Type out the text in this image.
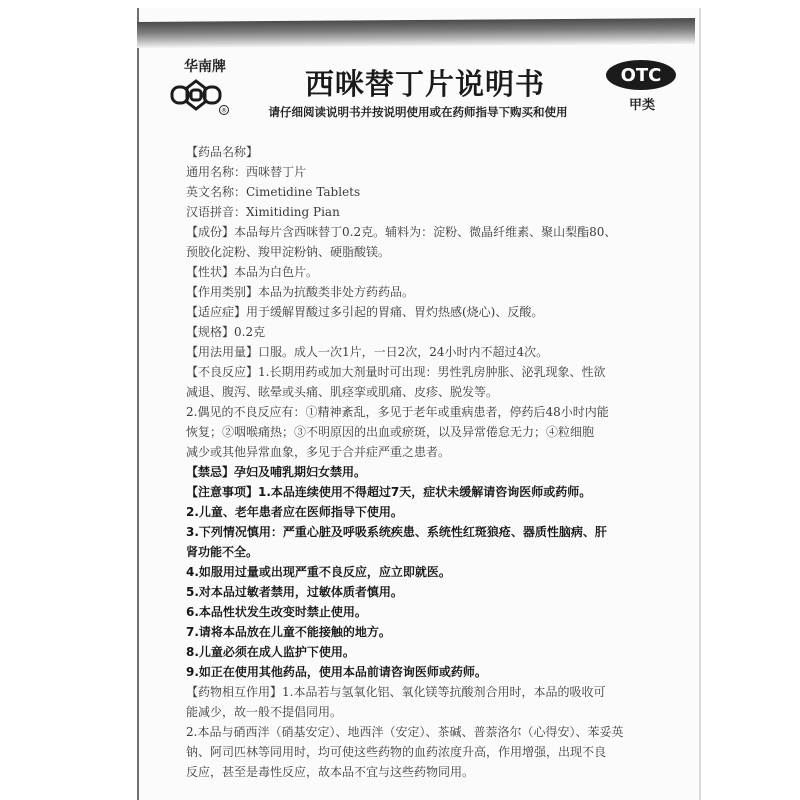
华南牌
®
西咪替丁片说明书
请仔细阅读说明书并按说明使用或在药师指导下购买和使用
OTC
甲类
【药品名称】
通用名称：西咪替丁片
英文名称：Cimetidine Tablets
汉语拼音：Ximitiding Pian
【成份】本品每片含西咪替丁0.2克。辅料为：淀粉、微晶纤维素、聚山梨酯80、
预胶化淀粉、羧甲淀粉钠、硬脂酸镁。
【性状】本品为白色片。
【作用类别】本品为抗酸类非处方药药品。
【适应症】用于缓解胃酸过多引起的胃痛、胃灼热感(烧心)、反酸。
【规格】0.2克
【用法用量】口服。成人一次1片，一日2次，24小时内不超过4次。
【不良反应】1.长期用药或加大剂量时可出现：男性乳房肿胀、泌乳现象、性欲
减退、腹泻、眩晕或头痛、肌痉挛或肌痛、皮疹、脱发等。
2.偶见的不良反应有：①精神紊乱，多见于老年或重病患者，停药后48小时内能
恢复；②咽喉痛热；③不明原因的出血或瘀斑，以及异常倦怠无力；④粒细胞
减少或其他异常血象，多见于合并症严重之患者。
【禁忌】孕妇及哺乳期妇女禁用。
【注意事项】1.本品连续使用不得超过7天，症状未缓解请咨询医师或药师。
2.儿童、老年患者应在医师指导下使用。
3.下列情况慎用：严重心脏及呼吸系统疾患、系统性红斑狼疮、器质性脑病、肝
肾功能不全。
4.如服用过量或出现严重不良反应，应立即就医。
5.对本品过敏者禁用，过敏体质者慎用。
6.本品性状发生改变时禁止使用。
7.请将本品放在儿童不能接触的地方。
8.儿童必须在成人监护下使用。
9.如正在使用其他药品，使用本品前请咨询医师或药师。
【药物相互作用】1.本品若与氢氧化铝、氧化镁等抗酸剂合用时，本品的吸收可
能减少，故一般不提倡同用。
2.本品与硝西泮（硝基安定）、地西泮（安定）、茶碱、普萘洛尔（心得安）、苯妥英
钠、阿司匹林等同用时，均可使这些药物的血药浓度升高，作用增强，出现不良
反应，甚至是毒性反应，故本品不宜与这些药物同用。
